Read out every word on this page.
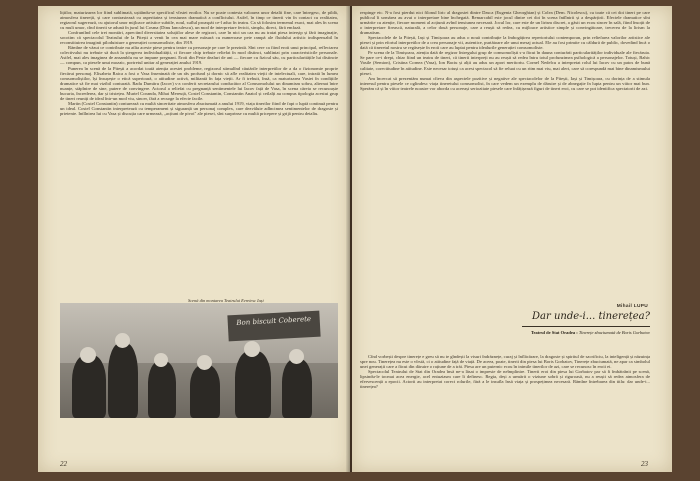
lițiilor, maturizarea lor fiind sublimată, ușitându-se specificul vîrstei eroilor. Nu se poate contesta valoarea unor detalii fine, care întregesc, de pildă, atmosfera tinereții, și care contrastează cu asperitatea și tensiunea dramatică a conflictului. Astfel, în timp ce tinerii vin în contact cu realitatea, regizorul sugerează, cu ajutorul unor mijloace artistice subtile, noul, suflul proaspăt ce-l aduc în teatru. Ca să folosim termenul exact, mai ales în scena cu mult umor, cînd tinerii se adună în jurul lui Cosma (Dinu Ianculescu), un mod de interpretare fericit, simplu, direct, fără emfază.

Confruntînd cele trei montări, apreciind diversitatea soluțiilor alese de regizori, care în nici un caz nu au tratat piesa interșip și fără imaginație, socotim că spectacolul Teatrului de la Pitești a venit în cea mai mare măsură cu numeroase pete rampă ale fluidului artistic indispensabil în reconstituirea imaginii piloduisture a generației comsomoliste, din 1919.

Rămîne de văzut ce contribuie nu atîta aceste piese pentru teatre cu personaje pe care le prezintă. Sînt cere ca fiind eroii unui principal, reflectarea colectivului nu trebuie să ducă la ștergerea individualității, ci fiecare chip trebuie reliefat în mod distinct, subliniat prin caracteristicile personale. Astfel, mai ales imaginea de ansamblu nu se impune pregnant. Eroii din Peste dealuri de ani — fiecare cu fizicul său, cu particularitățile lui distincte — compun, ca piesele unui mozaic, portretul unitar al generației anului 1919.

Punerea în scenă de la Pitești a acordat toată atenția acestei probleme, regizorul stimulînd căutările interpretilor de a da o fizionomie proprie fiecărui personaj. Elisabeta Raica a fost o Vasa înseninată de un râs profund și dornic să afle realitatea vieții de intelectuali, care, intrată în lumea comsomoliștilor, își însușește o etică superioară, o atitudine activă, militantă în fața vieții. Ar fi trebuit, însă, ca maturizarea Vasiei în condițiile dramatice să fie mai vizibil conturată. Radu Dumitru (Iacov) s-a conferit secretarului conducător al Comsomolului un dinamism sobru, alternat între nuanțe, stăpînire de sine, putere de convingere. Actorul a reliefat cu pregnanță sentimentele lui Iacov față de Vasa, în scena căreia se recunoaște bucuria, încrederea, dar și tristețea. Muriel Coranda, Mihai Mereuță, Costel Constantin, Constantin Anatol și ceilalți au compus tipologia acestui grup de tineri reuniți de ideal într-un mod viu, sincer, fără a recurge la efecte facile.

Martin (Costel Constantin) conturează cu multă sinceritate atmosfera zbuciumată a anului 1919, viața tinerilor fiind de fapt o luptă continuă pentru un ideal. Costel Constantin interpretează cu temperament și siguranță un personaj complex, care dezvăluie adîncimea sentimentelor de dragoste și prietenie. Intîlnirea lui cu Vasa și discuția care urmează, „acțiuni de pivot" ale piesei, sînt surprinse cu multă pricepere și grijă pentru detaliu.

Scenă din montarea Teatrului Evreiesc Iași
Bon biscuit Coberete
22

respinge etc. N-a fost pierdut nici filonul liric al dragostei dintre Dasca (Eugenia Gheorghian) și Colea (Dem. Nicolescu), cu toate că cei doi tineri pe care publicul îi urmărea au avut o interpretare bine închegată. Remarcabil este jocul dintre cei doi în scena întîlnirii și a despărțirii. Efectele dramatice sînt urmărite cu atenție, fiecare moment al acțiunii avînd tensiunea necesară. Jocul lor, care este de un lirism discret, a găsit un ecou sincer în sală, fiind însoțit de o interpretare firească, naturală, a celor două personaje, care a reușit să redea, cu mijloace artistice simple și convingătoare, trecerea de la lirism la dramatism.

Spectacolele de la Pitești, Iași și Timișoara au adus o nouă contribuție la îmbogățirea repertoriului contemporan, prin reliefarea valorilor artistice ale piesei și prin efortul interpretilor de a crea personaje vii, autentice, purtătoare ale unui mesaj actual. Ele au fost primite cu căldură de public, dovedind încă o dată că tineretul nostru se regăsește în eroii care au luptat pentru idealurile generației comsomoliste.

Pe scena de la Timișoara, atenția dată de regizor întregului grup de comsomoliști s-a făcut în dauna conturării particularităților individuale ale fiecăruia. Se pare ce-i drept, chiar fiind un teatru de tineri, că tinerii interpreți nu au reușit să redea întru totul profunzimea psihologică a personajelor. Totuși, Bahic Vasile (Semion), Cristina Cornea (Vasa), Ion Baciu și alții au adus un aport meritoriu. Cornel Nedelcu a interpretat rolul lui Iacov cu un patos de bună calitate, corectitudine în atitudine. Este necesar totuși ca acest spectacol să fie reluat cu un ritm mai viu, mai alert, care să corespundă mai bine dinamismului piesei.

Am încercat să prezentăm numai cîteva din aspectele pozitive și negative ale spectacolelor de la Pitești, Iași și Timișoara, cu dorința de a stimula interesul pentru piesele ce oglindesc viața tineretului comsomolist, în care vedem un exemplu de dăruire și de abnegație în lupta pentru un viitor mai bun. Sperăm că și în viitor teatrele noastre vor aborda cu aceeași seriozitate piesele care înfățișează figuri de tineri eroi, cu care se pot identifica spectatorii de azi.

Mihail LUPU
Dar unde-i... tinerețea?
Teatrul de Stat Oradea : Tinerețe zbuciumată de Boris Gorbatov

Cînd vorbești despre tinerețe e greu să nu te gîndești la visuri îndrăznețe, curaj și înflăcărare, la dragoste și spiritul de sacrificiu, la inteligență și năzuința spre nou. Tinerețea nu este o vîrstă, ci o atitudine față de viață. De aceea, poate, tinerii din piesa lui Boris Gorbatov, Tinerețe zbuciumată, ne apar ca simbolul unei generații care a făcut din dăruire o rațiune de a trăi. Piesa are un puternic ecou în inimile tinerilor de azi, care se recunosc în eroii ei.

Spectacolul Teatrului de Stat din Oradea însă ne-a lăsat o impresie de neîmplinire. Tinerii eroi din piesa lui Gorbatov par să fi îmbătrânit pe scenă, lipsindu-le tocmai acea energie, acel entuziasm care îi definesc. Regia, deși a urmărit o viziune sobră și riguroasă, nu a reușit să redea atmosfera de efervescență a epocii. Actorii au interpretat corect rolurile, fără a le insufla însă viața și prospețimea necesară. Rămîne întrebarea din titlu: dar unde-i... tinerețea?

23
